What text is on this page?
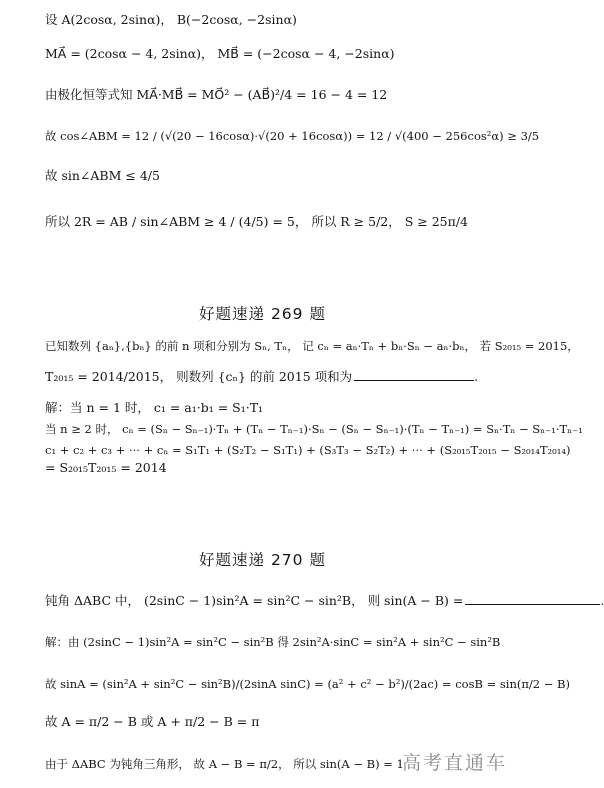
设 A(2cosα, 2sinα)， B(−2cosα, −2sinα)
MA⃗ = (2cosα − 4, 2sinα)， MB⃗ = (−2cosα − 4, −2sinα)
由极化恒等式知 MA⃗·MB⃗ = MO⃗² − (AB⃗)²/4 = 16 − 4 = 12
故 cos∠ABM = 12 / (√(20 − 16cosα)·√(20 + 16cosα)) = 12 / √(400 − 256cos²α) ≥ 3/5
故 sin∠ABM ≤ 4/5
所以 2R = AB / sin∠ABM ≥ 4 / (4/5) = 5， 所以 R ≥ 5/2， S ≥ 25π/4
好题速递 269 题
已知数列 {aₙ},{bₙ} 的前 n 项和分别为 Sₙ, Tₙ， 记 cₙ = aₙ·Tₙ + bₙ·Sₙ − aₙ·bₙ， 若 S₂₀₁₅ = 2015，
T₂₀₁₅ = 2014/2015， 则数列 {cₙ} 的前 2015 项和为	.
解：当 n = 1 时， c₁ = a₁·b₁ = S₁·T₁
当 n ≥ 2 时， cₙ = (Sₙ − Sₙ₋₁)·Tₙ + (Tₙ − Tₙ₋₁)·Sₙ − (Sₙ − Sₙ₋₁)·(Tₙ − Tₙ₋₁) = Sₙ·Tₙ − Sₙ₋₁·Tₙ₋₁
c₁ + c₂ + c₃ + ··· + cₙ = S₁T₁ + (S₂T₂ − S₁T₁) + (S₃T₃ − S₂T₂) + ··· + (S₂₀₁₅T₂₀₁₅ − S₂₀₁₄T₂₀₁₄)
= S₂₀₁₅T₂₀₁₅ = 2014
好题速递 270 题
钝角 ΔABC 中， (2sinC − 1)sin²A = sin²C − sin²B， 则 sin(A − B) =	.
解：由 (2sinC − 1)sin²A = sin²C − sin²B 得 2sin²A·sinC = sin²A + sin²C − sin²B
故 sinA = (sin²A + sin²C − sin²B)/(2sinA sinC) = (a² + c² − b²)/(2ac) = cosB = sin(π/2 − B)
故 A = π/2 − B 或 A + π/2 − B = π
由于 ΔABC 为钝角三角形， 故 A − B = π/2， 所以 sin(A − B) = 1
高考直通车
